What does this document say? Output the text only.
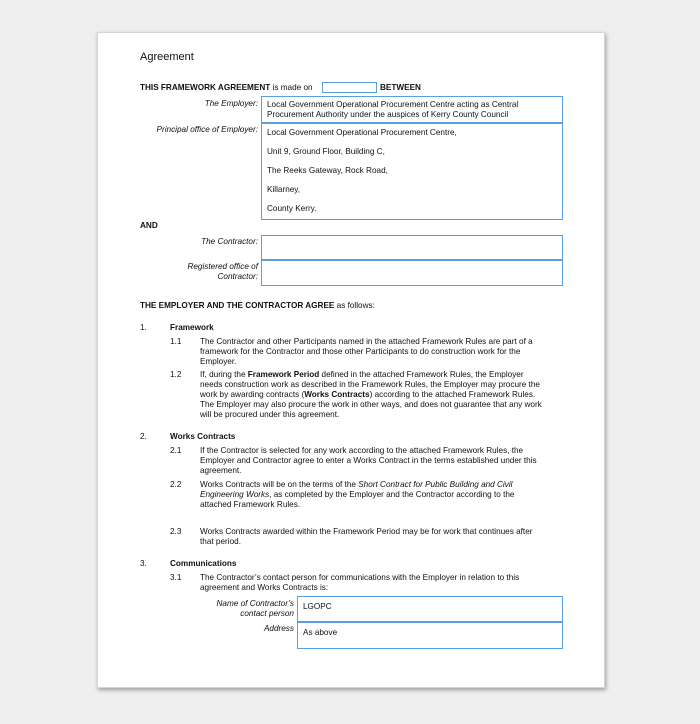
Agreement
THIS FRAMEWORK AGREEMENT is made on	BETWEEN
The Employer: Local Government Operational Procurement Centre acting as Central
Procurement Authority under the auspices of Kerry County Council
Principal office of Employer: Local Government Operational Procurement Centre,
Unit 9, Ground Floor, Building C,
The Reeks Gateway, Rock Road,
Killarney,
County Kerry.
AND
The Contractor:
Registered office of
Contractor:
THE EMPLOYER AND THE CONTRACTOR AGREE as follows:
1.	Framework
1.1 The Contractor and other Participants named in the attached Framework Rules are part of a
framework for the Contractor and those other Participants to do construction work for the
Employer.
1.2 If, during the Framework Period defined in the attached Framework Rules, the Employer
needs construction work as described in the Framework Rules, the Employer may procure the
work by awarding contracts (Works Contracts) according to the attached Framework Rules.
The Employer may also procure the work in other ways, and does not guarantee that any work
will be procured under this agreement.
2.	Works Contracts
2.1 If the Contractor is selected for any work according to the attached Framework Rules, the
Employer and Contractor agree to enter a Works Contract in the terms established under this
agreement.
2.2 Works Contracts will be on the terms of the Short Contract for Public Building and Civil
Engineering Works, as completed by the Employer and the Contractor according to the
attached Framework Rules.
2.3 Works Contracts awarded within the Framework Period may be for work that continues after
that period.
3.	Communications
3.1 The Contractor’s contact person for communications with the Employer in relation to this
agreement and Works Contracts is:
Name of Contractor’s
contact person
LGOPC
Address As above
